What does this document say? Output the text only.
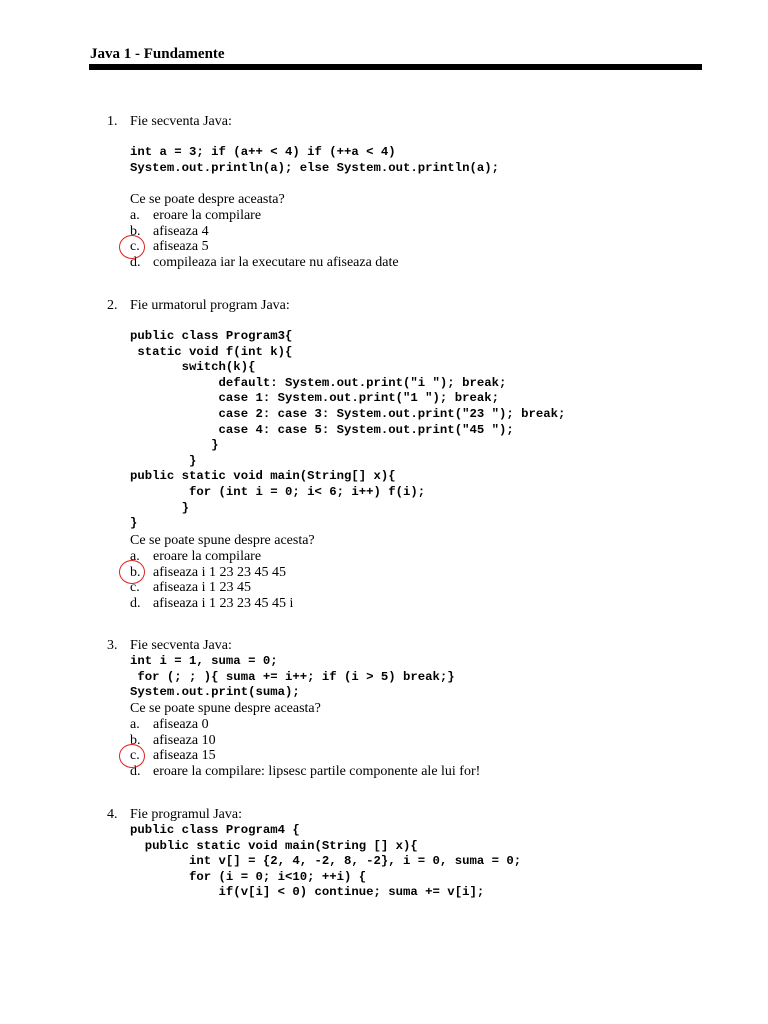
Java 1 - Fundamente
1. Fie secventa Java:
int a = 3; if (a++ < 4) if (++a < 4)
System.out.println(a); else System.out.println(a);
Ce se poate despre aceasta?
a. eroare la compilare
b. afiseaza 4
c. afiseaza 5
d. compileaza iar la executare nu afiseaza date
2. Fie urmatorul program Java:
public class Program3{
static void f(int k){
switch(k){
default: System.out.print("i "); break;
case 1: System.out.print("1 "); break;
case 2: case 3: System.out.print("23 "); break;
case 4: case 5: System.out.print("45 ");
}
}
public static void main(String[] x){
for (int i = 0; i< 6; i++) f(i);
}
}
Ce se poate spune despre acesta?
a. eroare la compilare
b. afiseaza i 1 23 23 45 45
c. afiseaza i 1 23 45
d. afiseaza i 1 23 23 45 45 i
3. Fie secventa Java:
int i = 1, suma = 0;
for (; ; ){ suma += i++; if (i > 5) break;}
System.out.print(suma);
Ce se poate spune despre aceasta?
a. afiseaza 0
b. afiseaza 10
c. afiseaza 15
d. eroare la compilare: lipsesc partile componente ale lui for!
4. Fie programul Java:
public class Program4 {
public static void main(String [] x){
int v[] = {2, 4, -2, 8, -2}, i = 0, suma = 0;
for (i = 0; i<10; ++i) {
if(v[i] < 0) continue; suma += v[i];
